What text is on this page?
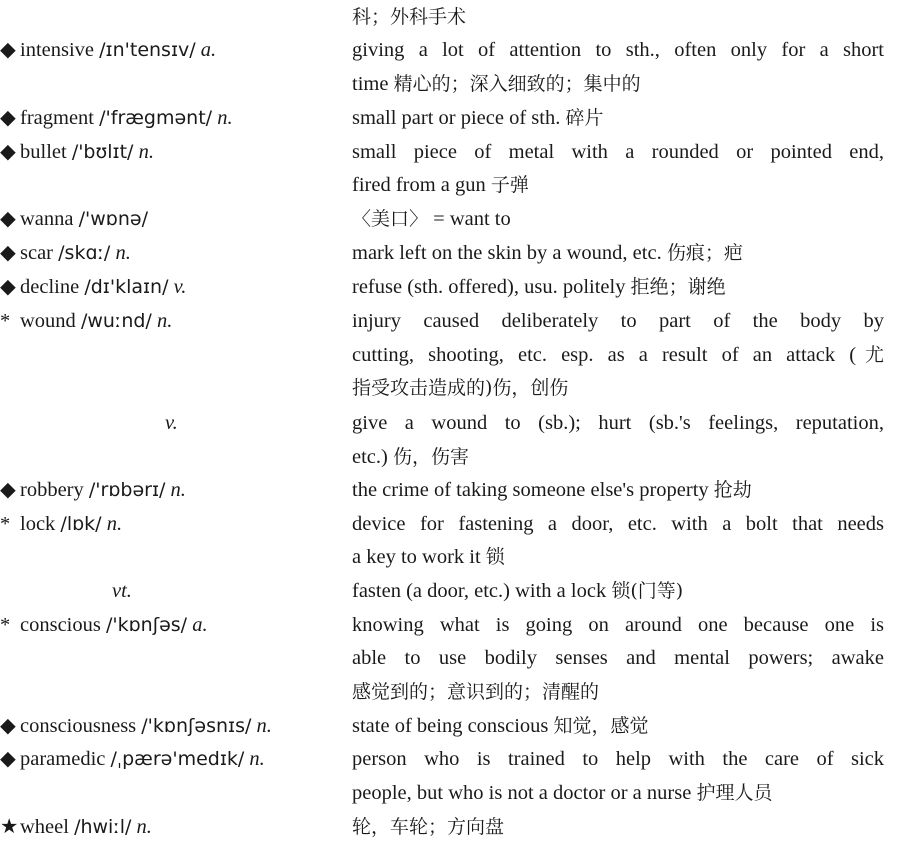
科；外科手术
◆ intensive /ɪn'tensɪv/ a.	giving a lot of attention to sth., often only for a short
time 精心的；深入细致的；集中的
◆ fragment /'frægmənt/ n.	small part or piece of sth. 碎片
◆ bullet /'bʊlɪt/ n.	small piece of metal with a rounded or pointed end,
fired from a gun 子弹
◆ wanna /'wɒnə/	〈美口〉 = want to
◆ scar /skɑː/ n.	mark left on the skin by a wound, etc. 伤痕；疤
◆ decline /dɪ'klaɪn/ v.	refuse (sth. offered), usu. politely 拒绝；谢绝
* wound /wuːnd/ n.	injury caused deliberately to part of the body by
cutting, shooting, etc. esp. as a result of an attack (尤
指受攻击造成的)伤，创伤
v.	give a wound to (sb.); hurt (sb.'s feelings, reputation,
etc.) 伤，伤害
◆ robbery /'rɒbərɪ/ n.	the crime of taking someone else's property 抢劫
* lock /lɒk/ n.	device for fastening a door, etc. with a bolt that needs
a key to work it 锁
vt.	fasten (a door, etc.) with a lock 锁(门等)
* conscious /'kɒnʃəs/ a.	knowing what is going on around one because one is
able to use bodily senses and mental powers; awake
感觉到的；意识到的；清醒的
◆ consciousness /'kɒnʃəsnɪs/ n.	state of being conscious 知觉，感觉
◆ paramedic /ˌpærə'medɪk/ n.	person who is trained to help with the care of sick
people, but who is not a doctor or a nurse 护理人员
★wheel /hwiːl/ n.	轮，车轮；方向盘
